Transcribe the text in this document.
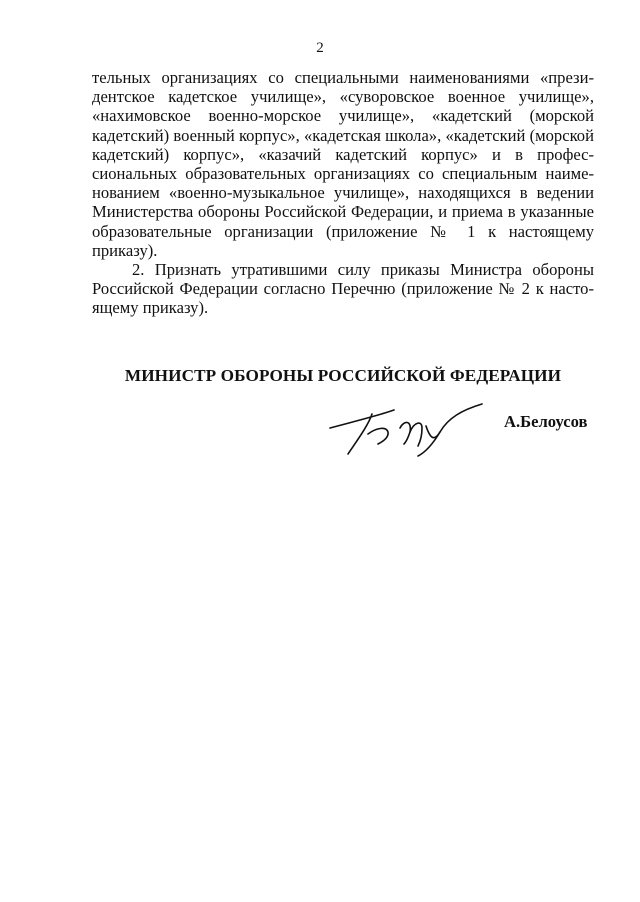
2

тельных организациях со специальными наименованиями «президентское кадетское училище», «суворовское военное училище», «нахимовское военно-морское училище», «кадетский (морской кадетский) военный корпус», «кадетская школа», «кадетский (морской кадетский) корпус», «казачий кадетский корпус» и в профессиональных образовательных организациях со специальным наименованием «военно-музыкальное училище», находящихся в ведении Министерства обороны Российской Федерации, и приема в указанные образовательные организации (приложение № 1 к настоящему приказу).

2. Признать утратившими силу приказы Министра обороны Российской Федерации согласно Перечню (приложение № 2 к настоящему приказу).

МИНИСТР ОБОРОНЫ РОССИЙСКОЙ ФЕДЕРАЦИИ
А.Белоусов
